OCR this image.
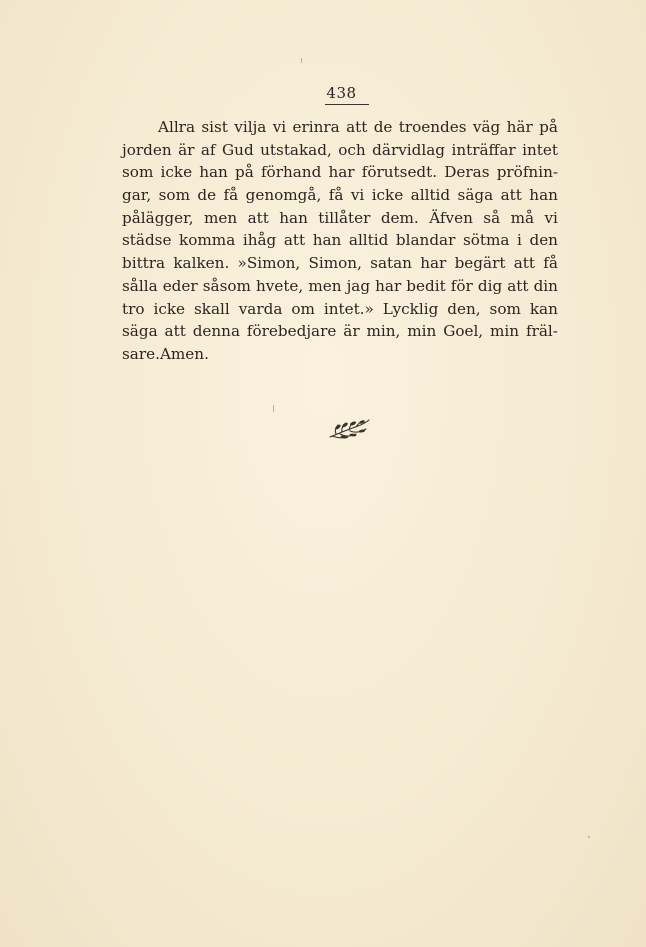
438
Allra sist vilja vi erinra att de troendes väg här på
jorden är af Gud utstakad, och därvidlag inträffar intet
som icke han på förhand har förutsedt. Deras pröfnin-
gar, som de få genomgå, få vi icke alltid säga att han
pålägger, men att han tillåter dem. Äfven så må vi
städse komma ihåg att han alltid blandar sötma i den
bittra kalken. »Simon, Simon, satan har begärt att få
sålla eder såsom hvete, men jag har bedit för dig att din
tro icke skall varda om intet.» Lycklig den, som kan
säga att denna förebedjare är min, min Goel, min fräl-
sare. Amen.
